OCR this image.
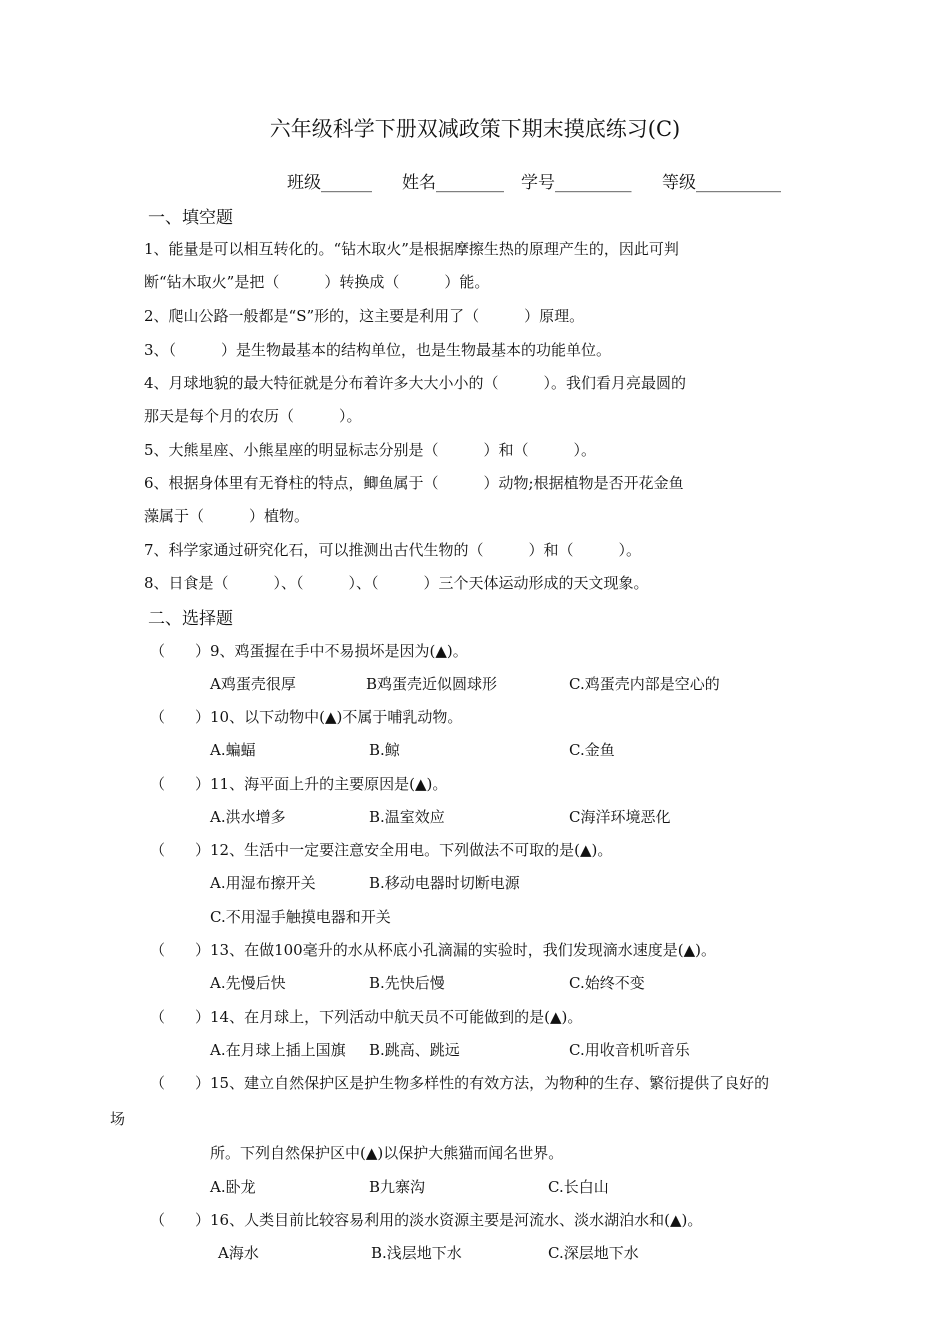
六年级科学下册双减政策下期末摸底练习(C)
班级______ 姓名________ 学号_________ 等级__________
一、填空题
1、能量是可以相互转化的。“钻木取火”是根据摩擦生热的原理产生的，因此可判
断“钻木取火”是把（　　　）转换成（　　　）能。
2、爬山公路一般都是“S”形的，这主要是利用了（　　　）原理。
3、（　　　）是生物最基本的结构单位，也是生物最基本的功能单位。
4、月球地貌的最大特征就是分布着许多大大小小的（　　　）。我们看月亮最圆的
那天是每个月的农历（　　　）。
5、大熊星座、小熊星座的明显标志分别是（　　　）和（　　　）。
6、根据身体里有无脊柱的特点，鲫鱼属于（　　　）动物;根据植物是否开花金鱼
藻属于（　　　）植物。
7、科学家通过研究化石，可以推测出古代生物的（　　　）和（　　　）。
8、日食是（　　　）、（　　　）、（　　　）三个天体运动形成的天文现象。
二、选择题
（　　）9、鸡蛋握在手中不易损坏是因为(▲)。
A鸡蛋壳很厚	B鸡蛋壳近似圆球形	C.鸡蛋壳内部是空心的
（　　）10、以下动物中(▲)不属于哺乳动物。
A.蝙蝠	B.鲸	C.金鱼
（　　）11、海平面上升的主要原因是(▲)。
A.洪水增多	B.温室效应	C海洋环境恶化
（　　）12、生活中一定要注意安全用电。下列做法不可取的是(▲)。
A.用湿布擦开关	B.移动电器时切断电源
C.不用湿手触摸电器和开关
（　　）13、在做100毫升的水从杯底小孔滴漏的实验时，我们发现滴水速度是(▲)。
A.先慢后快	B.先快后慢	C.始终不变
（　　）14、在月球上，下列活动中航天员不可能做到的是(▲)。
A.在月球上插上国旗 B.跳高、跳远	C.用收音机听音乐
（　　）15、建立自然保护区是护生物多样性的有效方法，为物种的生存、繁衍提供了良好的
场
所。下列自然保护区中(▲)以保护大熊猫而闻名世界。
A.卧龙	B九寨沟	C.长白山
（　　）16、人类目前比较容易利用的淡水资源主要是河流水、淡水湖泊水和(▲)。
A海水	B.浅层地下水	C.深层地下水
